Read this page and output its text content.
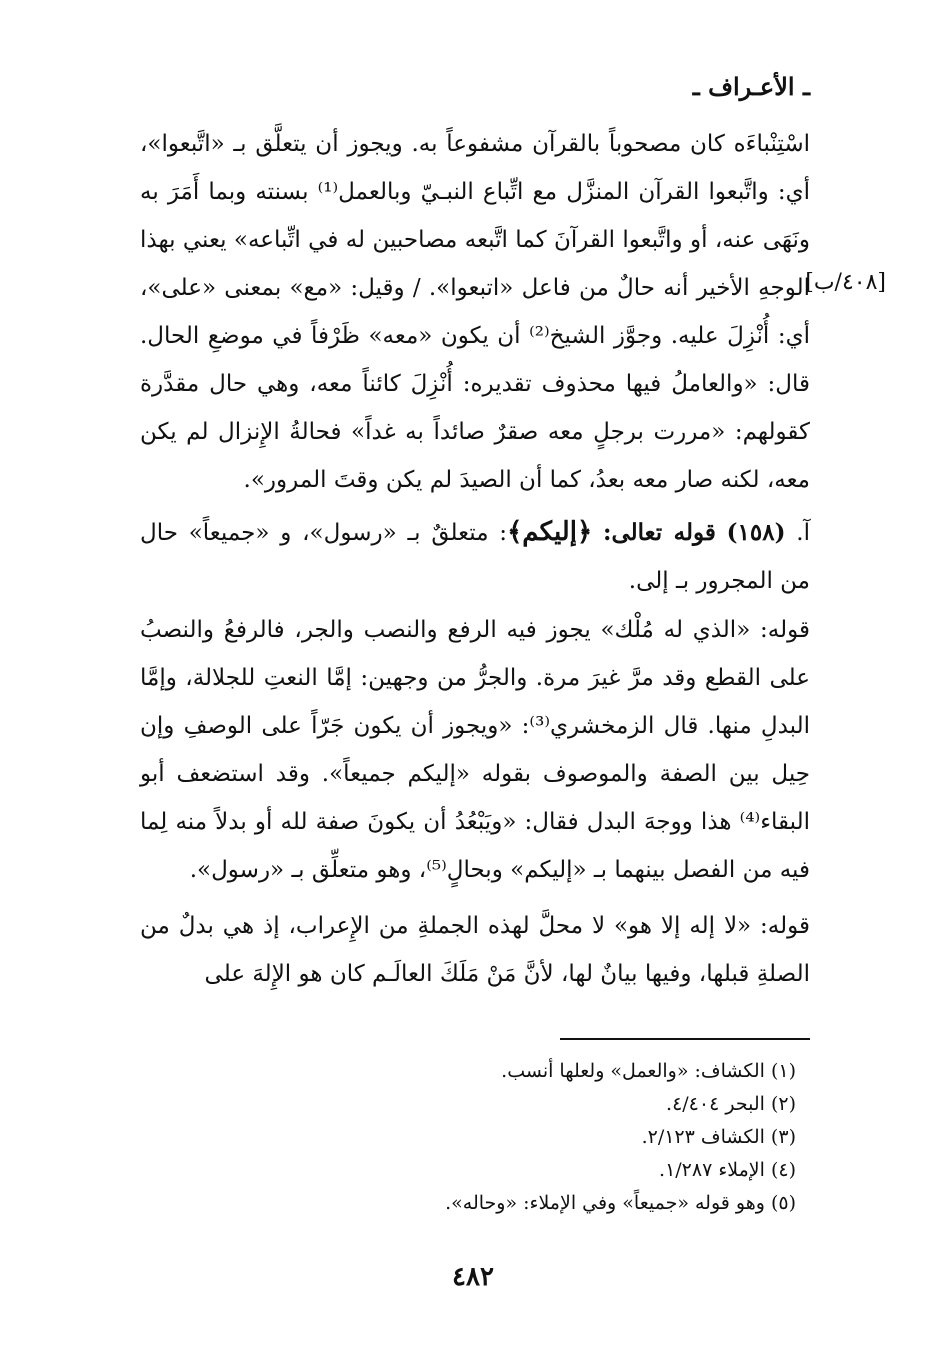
ـ الأعـراف ـ
[٤٠٨/ب]

اسْتِنْباءَه كان مصحوباً بالقرآن مشفوعاً به. ويجوز أن يتعلَّق بـ «اتَّبعوا»، أي: واتَّبعوا القرآن المنزَّل مع اتِّباع النبـيّ وبالعمل⁽¹⁾ بسنته وبما أَمَرَ به ونَهَى عنه، أو واتَّبعوا القرآنَ كما اتَّبعه مصاحبين له في اتِّباعه» يعني بهذا الوجهِ الأخير أنه حالٌ من فاعل «اتبعوا». / وقيل: «مع» بمعنى «على»، أي: أُنْزِلَ عليه. وجوَّز الشيخ⁽²⁾ أن يكون «معه» ظَرْفاً في موضعِ الحال. قال: «والعاملُ فيها محذوف تقديره: أُنْزِلَ كائناً معه، وهي حال مقدَّرة كقولهم: «مررت برجلٍ معه صقرٌ صائداً به غداً» فحالةُ الإِنزال لم يكن معه، لكنه صار معه بعدُ، كما أن الصيدَ لم يكن وقتَ المرور».

آ. (١٥٨) قوله تعالى: ﴿إليكم﴾: متعلقٌ بـ «رسول»، و «جميعاً» حال من المجرور بـ إلى.

قوله: «الذي له مُلْك» يجوز فيه الرفع والنصب والجر، فالرفعُ والنصبُ على القطع وقد مرَّ غيرَ مرة. والجرُّ من وجهين: إمَّا النعتِ للجلالة، وإمَّا البدلِ منها. قال الزمخشري⁽³⁾: «ويجوز أن يكون جَرّاً على الوصفِ وإن حِيل بين الصفة والموصوف بقوله «إليكم جميعاً». وقد استضعف أبو البقاء⁽⁴⁾ هذا ووجهَ البدل فقال: «ويَبْعُدُ أن يكونَ صفة لله أو بدلاً منه لِما فيه من الفصل بينهما بـ «إليكم» وبحالٍ⁽⁵⁾، وهو متعلِّق بـ «رسول».

قوله: «لا إله إلا هو» لا محلَّ لهذه الجملةِ من الإِعراب، إذ هي بدلٌ من الصلةِ قبلها، وفيها بيانٌ لها، لأنَّ مَنْ مَلَكَ العالَـم كان هو الإِلهَ على

(١) الكشاف: «والعمل» ولعلها أنسب.
(٢) البحر ٤/٤٠٤.
(٣) الكشاف ٢/١٢٣.
(٤) الإملاء ١/٢٨٧.
(٥) وهو قوله «جميعاً» وفي الإملاء: «وحاله».
٤٨٢
